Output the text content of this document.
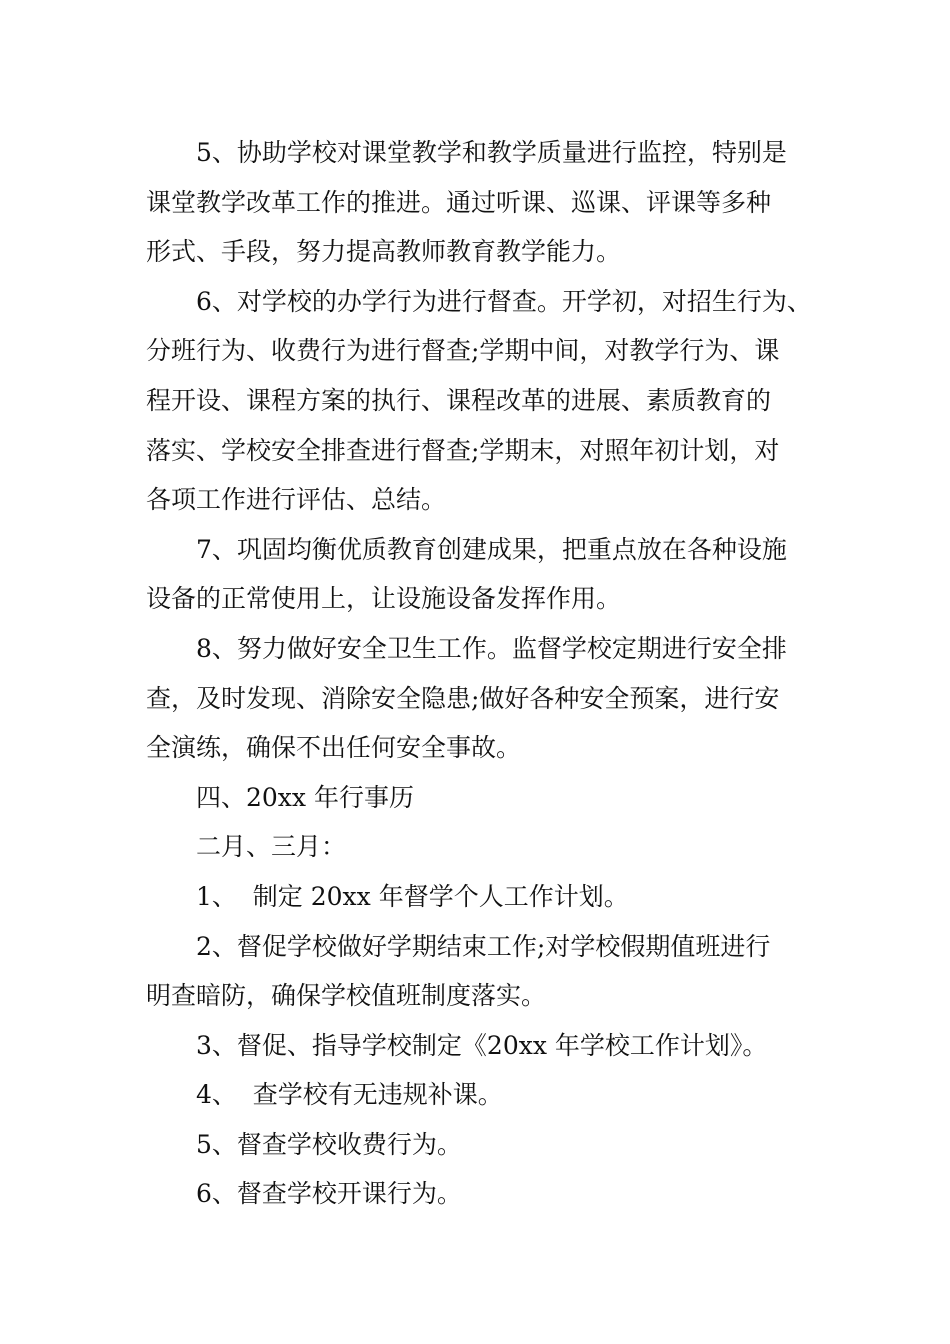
5、协助学校对课堂教学和教学质量进行监控，特别是
课堂教学改革工作的推进。通过听课、巡课、评课等多种
形式、手段，努力提高教师教育教学能力。
6、对学校的办学行为进行督查。开学初，对招生行为、
分班行为、收费行为进行督查;学期中间，对教学行为、课
程开设、课程方案的执行、课程改革的进展、素质教育的
落实、学校安全排查进行督查;学期末，对照年初计划，对
各项工作进行评估、总结。
7、巩固均衡优质教育创建成果，把重点放在各种设施
设备的正常使用上，让设施设备发挥作用。
8、努力做好安全卫生工作。监督学校定期进行安全排
查，及时发现、消除安全隐患;做好各种安全预案，进行安
全演练，确保不出任何安全事故。
四、20xx 年行事历
二月、三月：
1、  制定 20xx 年督学个人工作计划。
2、督促学校做好学期结束工作;对学校假期值班进行
明查暗防，确保学校值班制度落实。
3、督促、指导学校制定《20xx 年学校工作计划》。
4、  查学校有无违规补课。
5、督查学校收费行为。
6、督查学校开课行为。
